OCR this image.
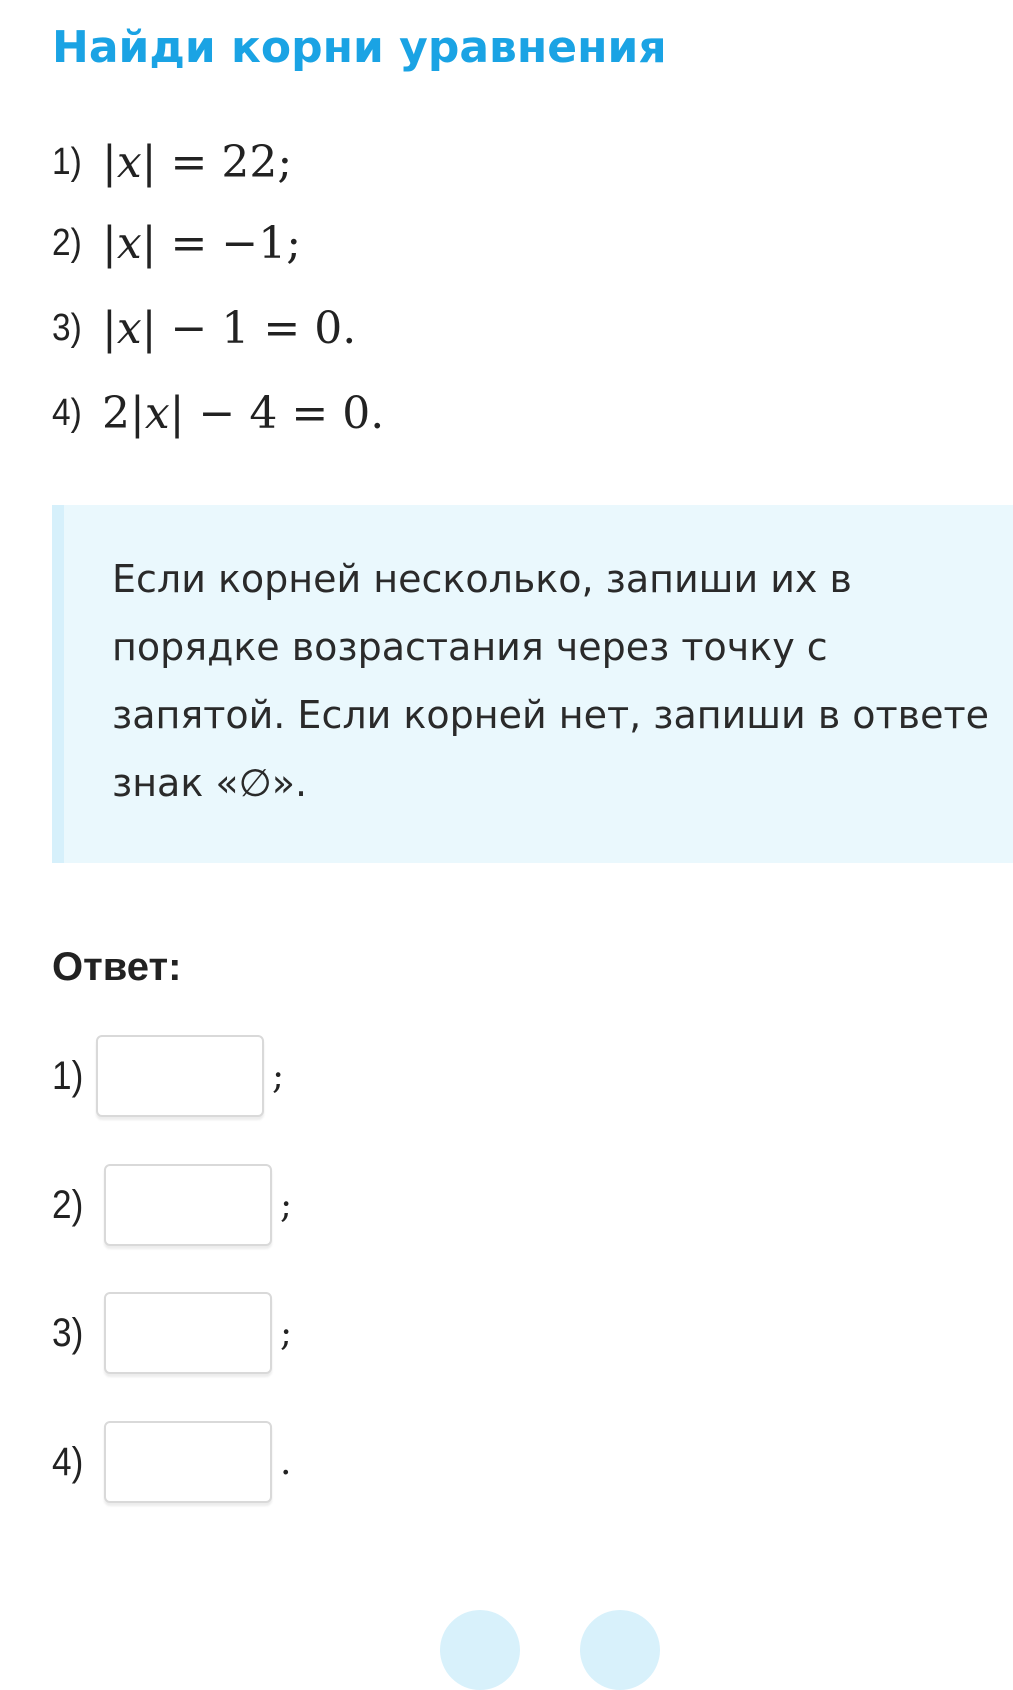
Найди корни уравнения
1) |x| = 22;
2) |x| = −1;
3) |x| − 1 = 0.
4) 2|x| − 4 = 0.
Если корней несколько, запиши их в порядке возрастания через точку с запятой. Если корней нет, запиши в ответе знак «∅».
Ответ:
1)	;
2)	;
3)	;
4)	.
